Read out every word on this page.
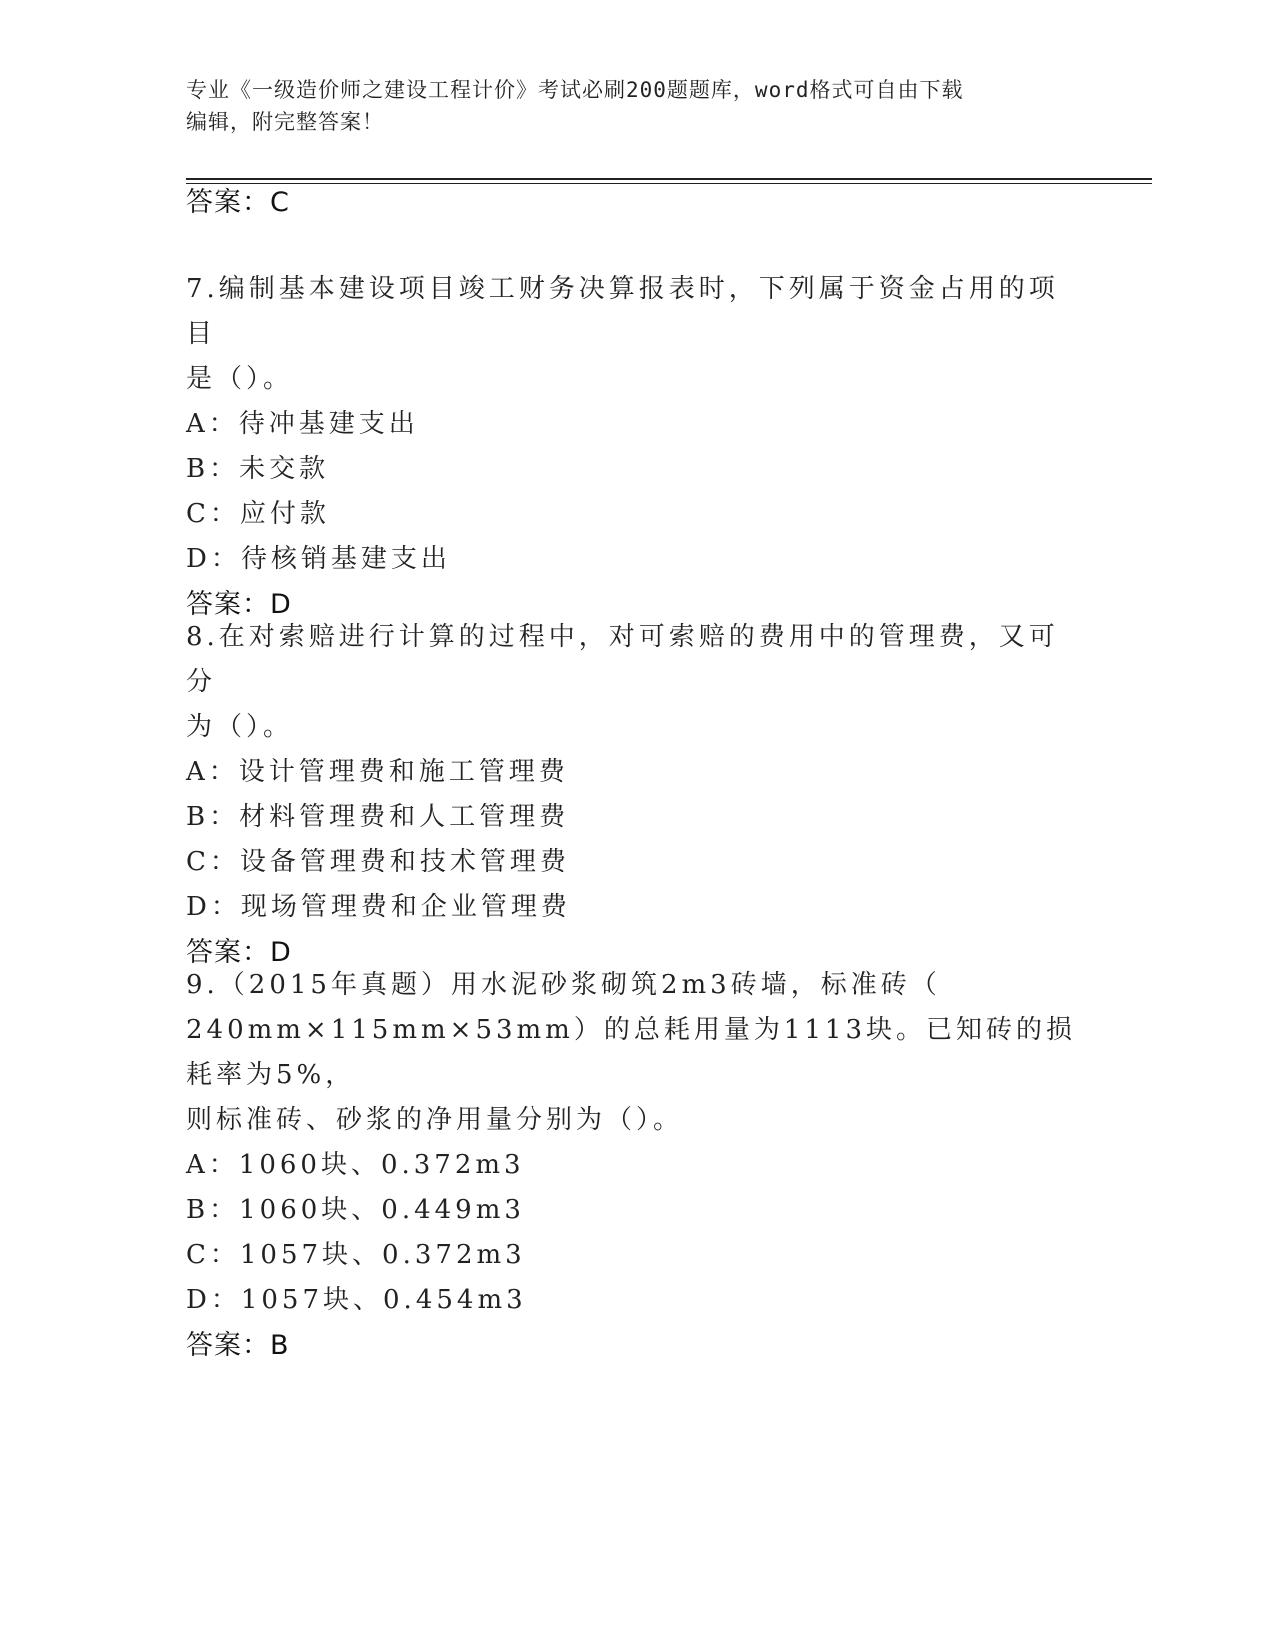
专业《一级造价师之建设工程计价》考试必刷200题题库，word格式可自由下载
编辑，附完整答案！

答案：C

7.编制基本建设项目竣工财务决算报表时，下列属于资金占用的项目

是（）。

A：待冲基建支出

B：未交款

C：应付款

D：待核销基建支出

答案：D

8.在对索赔进行计算的过程中，对可索赔的费用中的管理费，又可分

为（）。

A：设计管理费和施工管理费

B：材料管理费和人工管理费

C：设备管理费和技术管理费

D：现场管理费和企业管理费

答案：D

9.（2015年真题）用水泥砂浆砌筑2m3砖墙，标准砖（

240mm×115mm×53mm）的总耗用量为1113块。已知砖的损耗率为5%，

则标准砖、砂浆的净用量分别为（）。

A：1060块、0.372m3

B：1060块、0.449m3

C：1057块、0.372m3

D：1057块、0.454m3

答案：B
